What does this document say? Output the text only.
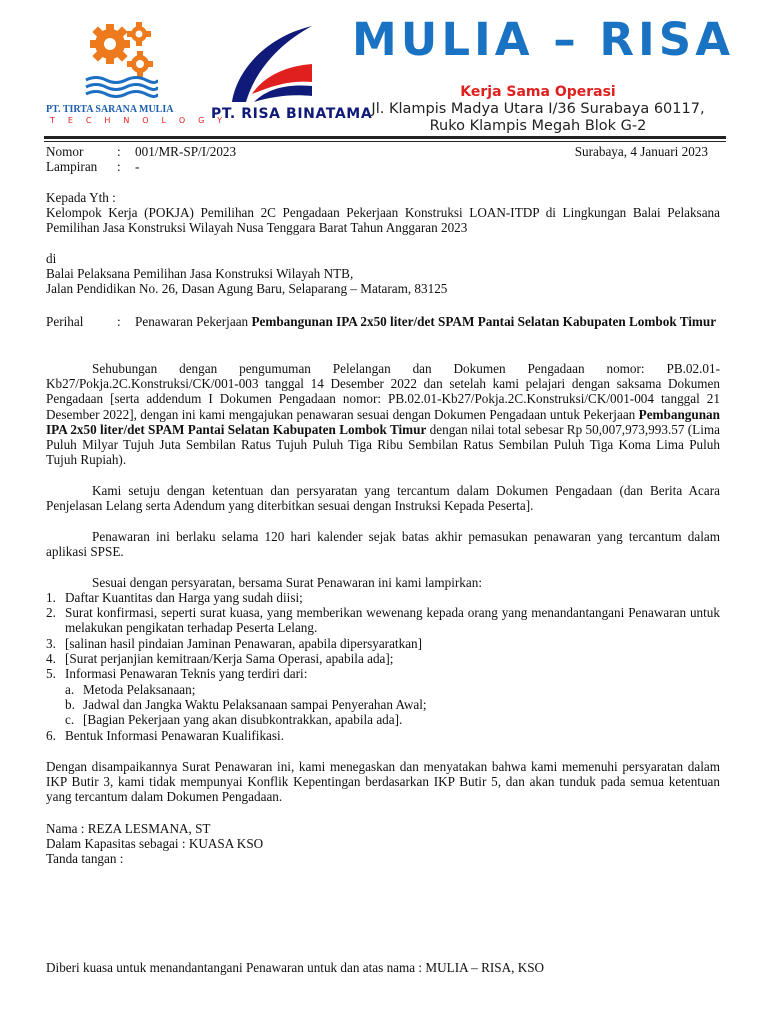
PT. TIRTA SARANA MULIA
T E C H N O L O G Y
PT. RISA BINATAMA
MULIA – RISA
Kerja Sama Operasi
Jl. Klampis Madya Utara I/36 Surabaya 60117,
Ruko Klampis Megah Blok G-2
Nomor	: 001/MR-SP/I/2023	Surabaya, 4 Januari 2023
Lampiran : -
Kepada Yth :
Kelompok Kerja (POKJA) Pemilihan 2C Pengadaan Pekerjaan Konstruksi LOAN-ITDP di Lingkungan Balai Pelaksana Pemilihan Jasa Konstruksi Wilayah Nusa Tenggara Barat Tahun Anggaran 2023
di
Balai Pelaksana Pemilihan Jasa Konstruksi Wilayah NTB,
Jalan Pendidikan No. 26, Dasan Agung Baru, Selaparang – Mataram, 83125
Perihal	: Penawaran Pekerjaan Pembangunan IPA 2x50 liter/det SPAM Pantai Selatan Kabupaten Lombok Timur
Sehubungan dengan pengumuman Pelelangan dan Dokumen Pengadaan nomor: PB.02.01-Kb27/Pokja.2C.Konstruksi/CK/001-003 tanggal 14 Desember 2022 dan setelah kami pelajari dengan saksama Dokumen Pengadaan [serta addendum I Dokumen Pengadaan nomor: PB.02.01-Kb27/Pokja.2C.Konstruksi/CK/001-004 tanggal 21 Desember 2022], dengan ini kami mengajukan penawaran sesuai dengan Dokumen Pengadaan untuk Pekerjaan Pembangunan IPA 2x50 liter/det SPAM Pantai Selatan Kabupaten Lombok Timur dengan nilai total sebesar Rp 50,007,973,993.57 (Lima Puluh Milyar Tujuh Juta Sembilan Ratus Tujuh Puluh Tiga Ribu Sembilan Ratus Sembilan Puluh Tiga Koma Lima Puluh Tujuh Rupiah).
Kami setuju dengan ketentuan dan persyaratan yang tercantum dalam Dokumen Pengadaan (dan Berita Acara Penjelasan Lelang serta Adendum yang diterbitkan sesuai dengan Instruksi Kepada Peserta].
Penawaran ini berlaku selama 120 hari kalender sejak batas akhir pemasukan penawaran yang tercantum dalam aplikasi SPSE.
Sesuai dengan persyaratan, bersama Surat Penawaran ini kami lampirkan:
1. Daftar Kuantitas dan Harga yang sudah diisi;
2. Surat konfirmasi, seperti surat kuasa, yang memberikan wewenang kepada orang yang menandantangani Penawaran untuk melakukan pengikatan terhadap Peserta Lelang.
3. [salinan hasil pindaian Jaminan Penawaran, apabila dipersyaratkan]
4. [Surat perjanjian kemitraan/Kerja Sama Operasi, apabila ada];
5. Informasi Penawaran Teknis yang terdiri dari:
a. Metoda Pelaksanaan;
b. Jadwal dan Jangka Waktu Pelaksanaan sampai Penyerahan Awal;
c. [Bagian Pekerjaan yang akan disubkontrakkan, apabila ada].
6. Bentuk Informasi Penawaran Kualifikasi.
Dengan disampaikannya Surat Penawaran ini, kami menegaskan dan menyatakan bahwa kami memenuhi persyaratan dalam IKP Butir 3, kami tidak mempunyai Konflik Kepentingan berdasarkan IKP Butir 5, dan akan tunduk pada semua ketentuan yang tercantum dalam Dokumen Pengadaan.
Nama : REZA LESMANA, ST
Dalam Kapasitas sebagai : KUASA KSO
Tanda tangan :
Diberi kuasa untuk menandantangani Penawaran untuk dan atas nama : MULIA – RISA, KSO
